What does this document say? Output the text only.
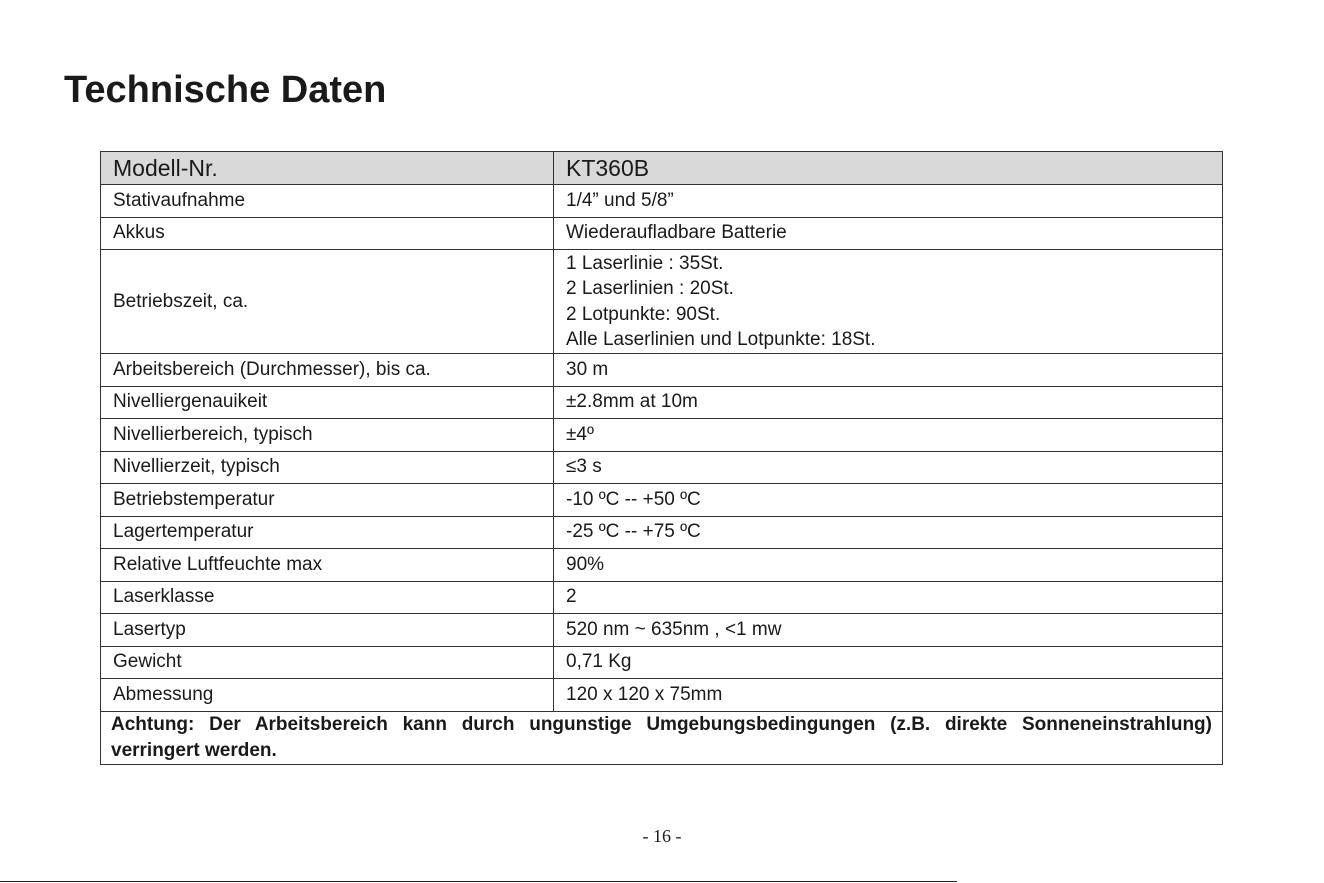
Technische Daten
Modell-Nr.	KT360B
Stativaufnahme	1/4” und 5/8”
Akkus	Wiederaufladbare Batterie
Betriebszeit, ca.	1 Laserlinie : 35St.
2 Laserlinien : 20St.
2 Lotpunkte: 90St.
Alle Laserlinien und Lotpunkte: 18St.

Arbeitsbereich (Durchmesser), bis ca.	30 m
Nivelliergenauikeit	±2.8mm at 10m
Nivellierbereich, typisch	±4º
Nivellierzeit, typisch	≤3 s
Betriebstemperatur	-10 ºC -- +50 ºC
Lagertemperatur	-25 ºC -- +75 ºC
Relative Luftfeuchte max	90%
Laserklasse	2
Lasertyp	520 nm ~ 635nm , <1 mw
Gewicht	0,71 Kg
Abmessung	120 x 120 x 75mm
Achtung: Der Arbeitsbereich kann durch ungunstige Umgebungsbedingungen (z.B. direkte Sonneneinstrahlung) verringert werden.	
- 16 -
